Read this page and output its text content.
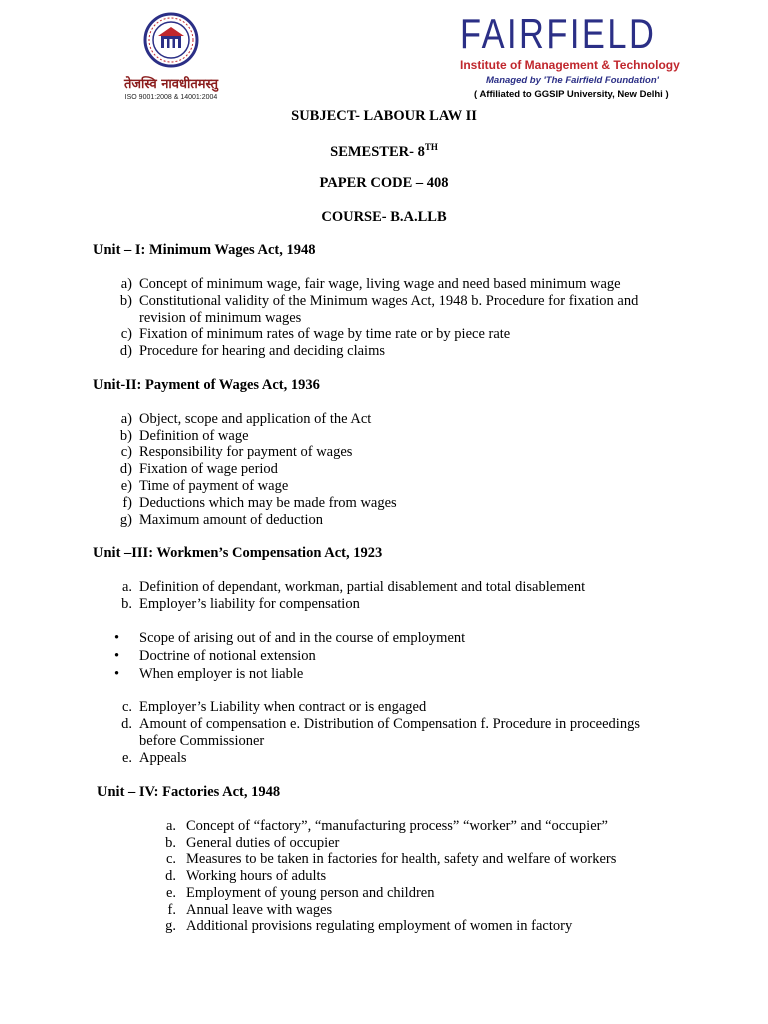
तेजस्वि नावधीतमस्तु
ISO 9001:2008 & 14001:2004
FAIRFIELD
Institute of Management & Technology
Managed by 'The Fairfield Foundation'
( Affiliated to GGSIP University, New Delhi )
SUBJECT- LABOUR LAW II
SEMESTER- 8TH
PAPER CODE – 408
COURSE- B.A.LLB
Unit – I: Minimum Wages Act, 1948
a) Concept of minimum wage, fair wage, living wage and need based minimum wage
b) Constitutional validity of the Minimum wages Act, 1948 b. Procedure for fixation and revision of minimum wages
c) Fixation of minimum rates of wage by time rate or by piece rate
d) Procedure for hearing and deciding claims
Unit-II: Payment of Wages Act, 1936
a) Object, scope and application of the Act
b) Definition of wage
c) Responsibility for payment of wages
d) Fixation of wage period
e) Time of payment of wage
f) Deductions which may be made from wages
g) Maximum amount of deduction
Unit –III: Workmen’s Compensation Act, 1923
a. Definition of dependant, workman, partial disablement and total disablement
b. Employer’s liability for compensation
• Scope of arising out of and in the course of employment
• Doctrine of notional extension
• When employer is not liable
c. Employer’s Liability when contract or is engaged
d. Amount of compensation e. Distribution of Compensation f. Procedure in proceedings before Commissioner
e. Appeals
Unit – IV: Factories Act, 1948
a. Concept of “factory”, “manufacturing process” “worker” and “occupier”
b. General duties of occupier
c. Measures to be taken in factories for health, safety and welfare of workers
d. Working hours of adults
e. Employment of young person and children
f. Annual leave with wages
g. Additional provisions regulating employment of women in factory
